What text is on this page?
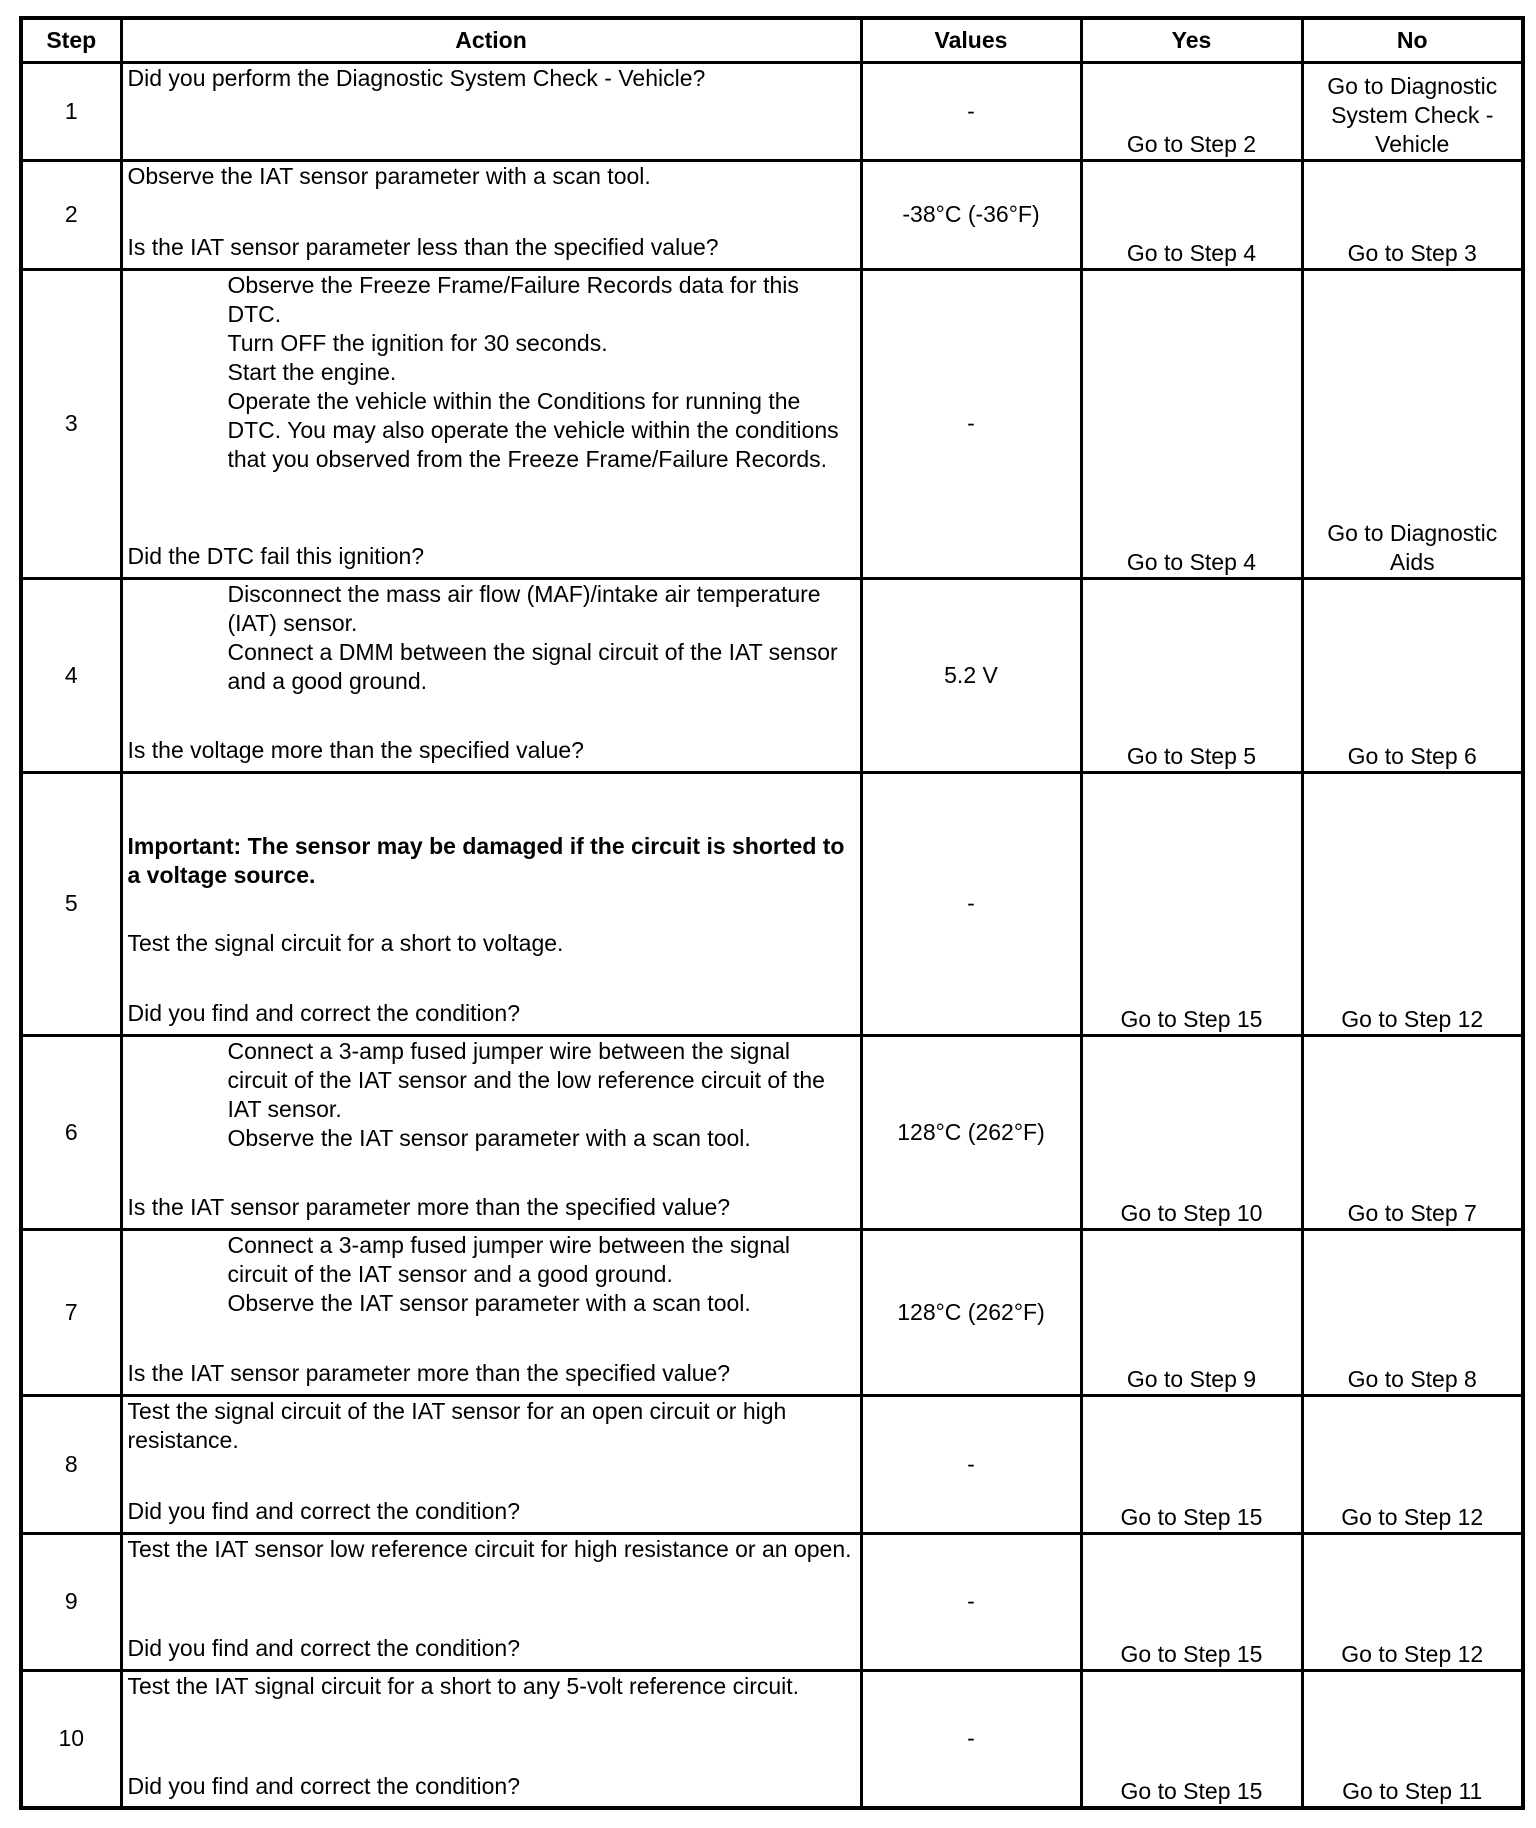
Step	Action	Values	Yes	No
1	Did you perform the Diagnostic System Check - Vehicle?	-	Go to Step 2	Go to Diagnostic System Check - Vehicle
2	Observe the IAT sensor parameter with a scan tool.
Is the IAT sensor parameter less than the specified value?	-38°C (-36°F)	Go to Step 4	Go to Step 3
3	Observe the Freeze Frame/Failure Records data for this DTC.
Turn OFF the ignition for 30 seconds.
Start the engine.
Operate the vehicle within the Conditions for running the DTC. You may also operate the vehicle within the conditions that you observed from the Freeze Frame/Failure Records.
Did the DTC fail this ignition?	-	Go to Step 4	Go to Diagnostic Aids
4	Disconnect the mass air flow (MAF)/intake air temperature (IAT) sensor.
Connect a DMM between the signal circuit of the IAT sensor and a good ground.
Is the voltage more than the specified value?	5.2 V	Go to Step 5	Go to Step 6
5	Important: The sensor may be damaged if the circuit is shorted to a voltage source.
Test the signal circuit for a short to voltage.
Did you find and correct the condition?	-	Go to Step 15	Go to Step 12
6	Connect a 3-amp fused jumper wire between the signal circuit of the IAT sensor and the low reference circuit of the IAT sensor.
Observe the IAT sensor parameter with a scan tool.
Is the IAT sensor parameter more than the specified value?	128°C (262°F)	Go to Step 10	Go to Step 7
7	Connect a 3-amp fused jumper wire between the signal circuit of the IAT sensor and a good ground.
Observe the IAT sensor parameter with a scan tool.
Is the IAT sensor parameter more than the specified value?	128°C (262°F)	Go to Step 9	Go to Step 8
8	Test the signal circuit of the IAT sensor for an open circuit or high resistance.
Did you find and correct the condition?	-	Go to Step 15	Go to Step 12
9	Test the IAT sensor low reference circuit for high resistance or an open.
Did you find and correct the condition?	-	Go to Step 15	Go to Step 12
10	Test the IAT signal circuit for a short to any 5-volt reference circuit.
Did you find and correct the condition?	-	Go to Step 15	Go to Step 11
